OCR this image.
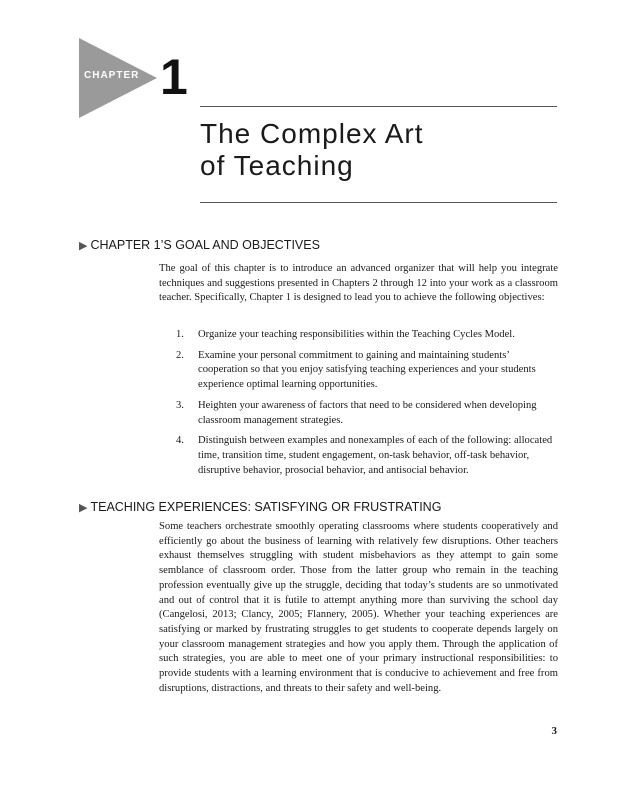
CHAPTER 1
The Complex Art
of Teaching
▶ CHAPTER 1’S GOAL AND OBJECTIVES

The goal of this chapter is to introduce an advanced organizer that will help you integrate techniques and suggestions presented in Chapters 2 through 12 into your work as a classroom teacher. Specifically, Chapter 1 is designed to lead you to achieve the following objectives:

1.	Organize your teaching responsibilities within the Teaching Cycles Model.
2.	Examine your personal commitment to gaining and maintaining students’ cooperation so that you enjoy satisfying teaching experiences and your students experience optimal learning opportunities.
3.	Heighten your awareness of factors that need to be considered when developing classroom management strategies.
4.	Distinguish between examples and nonexamples of each of the following: allocated time, transition time, student engagement, on-task behavior, off-task behavior, disruptive behavior, prosocial behavior, and antisocial behavior.
▶ TEACHING EXPERIENCES: SATISFYING OR FRUSTRATING

Some teachers orchestrate smoothly operating classrooms where students cooperatively and efficiently go about the business of learning with relatively few disruptions. Other teachers exhaust themselves struggling with student misbehaviors as they attempt to gain some semblance of classroom order. Those from the latter group who remain in the teaching profession eventually give up the struggle, deciding that today’s students are so unmotivated and out of control that it is futile to attempt anything more than surviving the school day (Cangelosi, 2013; Clancy, 2005; Flannery, 2005). Whether your teaching experiences are satisfying or marked by frustrating struggles to get students to cooperate depends largely on your classroom management strategies and how you apply them. Through the application of such strategies, you are able to meet one of your primary instructional responsibilities: to provide students with a learning environment that is conducive to achievement and free from disruptions, distractions, and threats to their safety and well-being.

3
